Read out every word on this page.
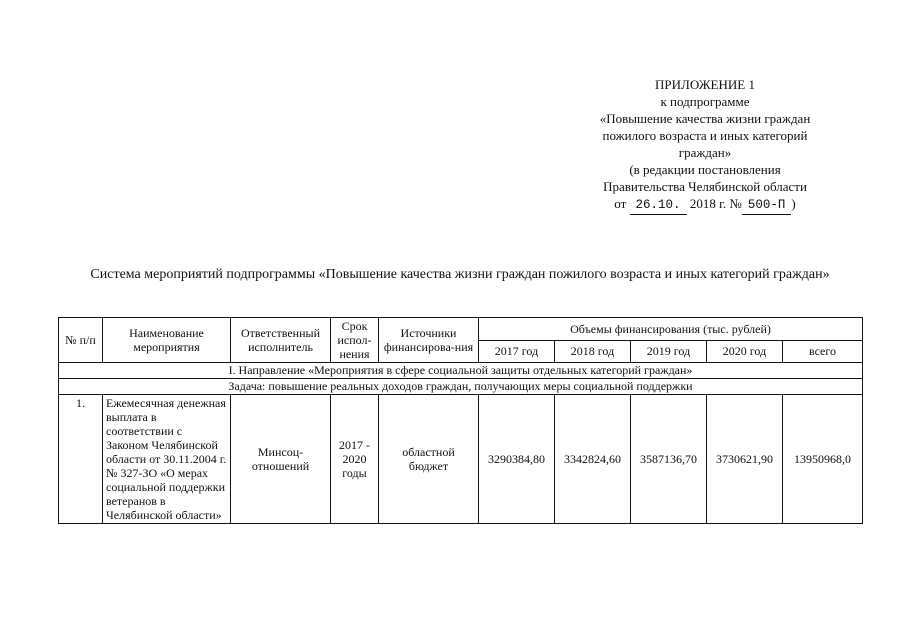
ПРИЛОЖЕНИЕ 1
к подпрограмме
«Повышение качества жизни граждан
пожилого возраста и иных категорий
граждан»
(в редакции постановления
Правительства Челябинской области
от 26.10. 2018 г. № 500-П )
Система мероприятий подпрограммы «Повышение качества жизни граждан пожилого возраста и иных категорий граждан»
№ п/п	Наименование мероприятия	Ответственный исполнитель	Срок испол-нения	Источники финансирова-ния	Объемы финансирования (тыс. рублей)				
					2017 год	2018 год	2019 год	2020 год	всего
I. Направление «Мероприятия в сфере социальной защиты отдельных категорий граждан»									
Задача: повышение реальных доходов граждан, получающих меры социальной поддержки									
1.	Ежемесячная денежная выплата в соответствии с Законом Челябинской области от 30.11.2004 г. № 327-ЗО «О мерах социальной поддержки ветеранов в Челябинской области»	Минсоц-отношений	2017 - 2020 годы	областной бюджет	3290384,80	3342824,60	3587136,70	3730621,90	13950968,0
